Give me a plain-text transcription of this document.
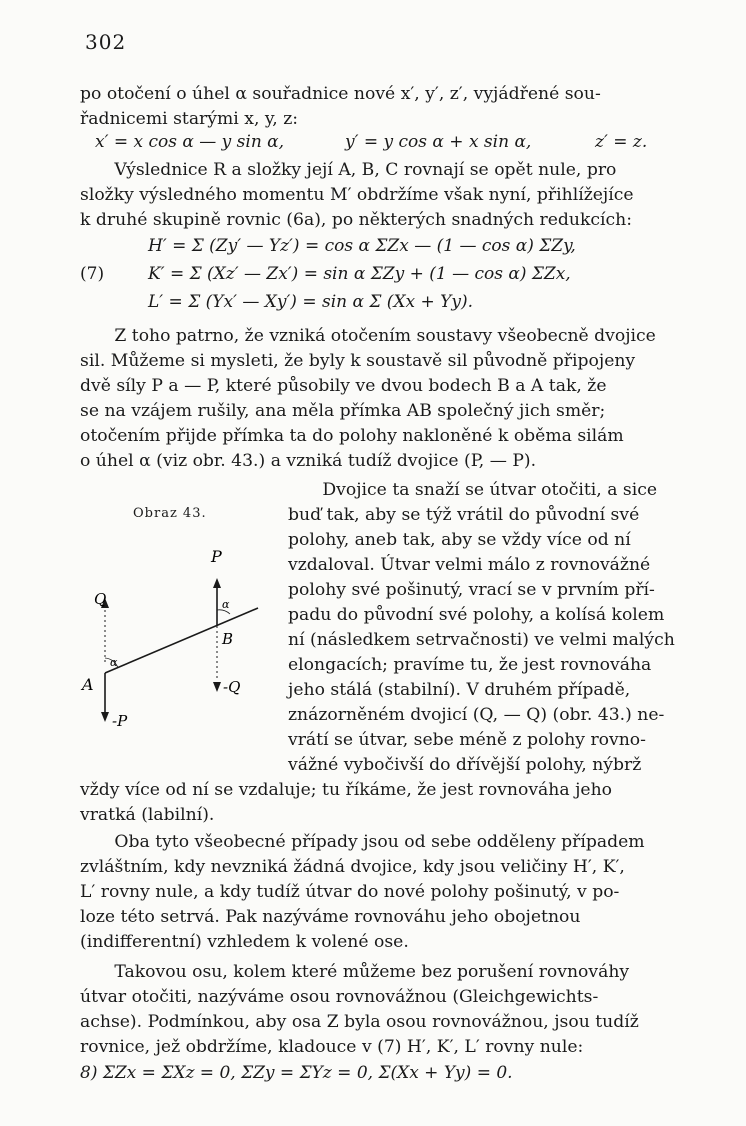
302
po otočení o úhel α souřadnice nové x′, y′, z′, vyjádřené sou-
řadnicemi starými x, y, z:
x′ = x cos α — y sin α,	y′ = y cos α + x sin α,	z′ = z.
Výslednice R a složky její A, B, C rovnají se opět nule, pro
složky výsledného momentu M′ obdržíme však nyní, přihlížejíce
k druhé skupině rovnic (6a), po některých snadných redukcích:
(7)
H′ = Σ (Zy′ — Yz′) = cos α ΣZx — (1 — cos α) ΣZy,
K′ = Σ (Xz′ — Zx′) = sin α ΣZy + (1 — cos α) ΣZx,
L′ = Σ (Yx′ — Xy′) = sin α Σ (Xx + Yy).
Z toho patrno, že vzniká otočením soustavy všeobecně dvojice
sil. Můžeme si mysleti, že byly k soustavě sil původně připojeny
dvě síly P a — P, které působily ve dvou bodech B a A tak, že
se na vzájem rušily, ana měla přímka AB společný jich směr;
otočením přijde přímka ta do polohy nakloněné k oběma silám
o úhel α (viz obr. 43.) a vzniká tudíž dvojice (P, — P).
Obraz 43.
P
Q
B
A
α
α
-Q
-P
Dvojice ta snaží se útvar otočiti, a sice
buď tak, aby se týž vrátil do původní své
polohy, aneb tak, aby se vždy více od ní
vzdaloval. Útvar velmi málo z rovnovážné
polohy své pošinutý, vrací se v prvním pří-
padu do původní své polohy, a kolísá kolem
ní (následkem setrvačnosti) ve velmi malých
elongacích; pravíme tu, že jest rovnováha
jeho stálá (stabilní). V druhém případě,
znázorněném dvojicí (Q, — Q) (obr. 43.) ne-
vrátí se útvar, sebe méně z polohy rovno-
vážné vybočivší do dřívější polohy, nýbrž
vždy více od ní se vzdaluje; tu říkáme, že jest rovnováha jeho
vratká (labilní).
Oba tyto všeobecné případy jsou od sebe odděleny případem
zvláštním, kdy nevzniká žádná dvojice, kdy jsou veličiny H′, K′,
L′ rovny nule, a kdy tudíž útvar do nové polohy pošinutý, v po-
loze této setrvá. Pak nazýváme rovnováhu jeho obojetnou
(indifferentní) vzhledem k volené ose.
Takovou osu, kolem které můžeme bez porušení rovnováhy
útvar otočiti, nazýváme osou rovnovážnou (Gleichgewichts-
achse). Podmínkou, aby osa Z byla osou rovnovážnou, jsou tudíž
rovnice, jež obdržíme, kladouce v (7) H′, K′, L′ rovny nule:
8) ΣZx = ΣXz = 0, ΣZy = ΣYz = 0, Σ(Xx + Yy) = 0.
